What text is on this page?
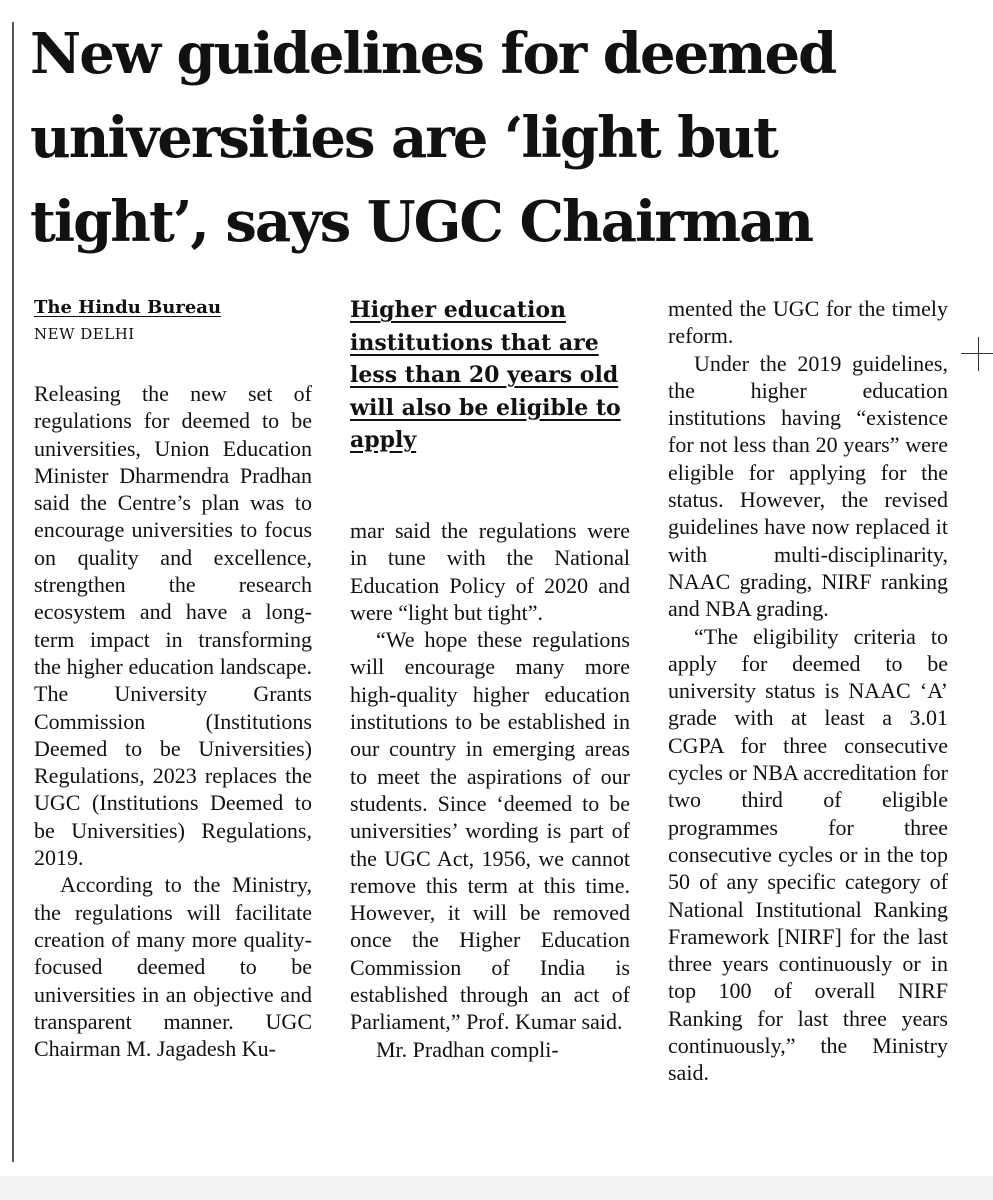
New guidelines for deemed universities are ‘light but tight’, says UGC Chairman
The Hindu Bureau
NEW DELHI

Releasing the new set of regulations for deemed to be universities, Union Education Minister Dharmendra Pradhan said the Centre’s plan was to encourage universities to focus on quality and excellence, strengthen the research ecosystem and have a long-term impact in transforming the higher education landscape. The University Grants Commission (Institutions Deemed to be Universities) Regulations, 2023 replaces the UGC (Institutions Deemed to be Universities) Regulations, 2019.

According to the Ministry, the regulations will facilitate creation of many more quality-focused deemed to be universities in an objective and transparent manner. UGC Chairman M. Jagadesh Ku-

Higher education institutions that are less than 20 years old will also be eligible to apply

mar said the regulations were in tune with the National Education Policy of 2020 and were “light but tight”.

“We hope these regulations will encourage many more high-quality higher education institutions to be established in our country in emerging areas to meet the aspirations of our students. Since ‘deemed to be universities’ wording is part of the UGC Act, 1956, we cannot remove this term at this time. However, it will be removed once the Higher Education Commission of India is established through an act of Parliament,” Prof. Kumar said.

Mr. Pradhan compli-

mented the UGC for the timely reform.

Under the 2019 guidelines, the higher education institutions having “existence for not less than 20 years” were eligible for applying for the status. However, the revised guidelines have now replaced it with multi-disciplinarity, NAAC grading, NIRF ranking and NBA grading.

“The eligibility criteria to apply for deemed to be university status is NAAC ‘A’ grade with at least a 3.01 CGPA for three consecutive cycles or NBA accreditation for two third of eligible programmes for three consecutive cycles or in the top 50 of any specific category of National Institutional Ranking Framework [NIRF] for the last three years continuously or in top 100 of overall NIRF Ranking for last three years continuously,” the Ministry said.
